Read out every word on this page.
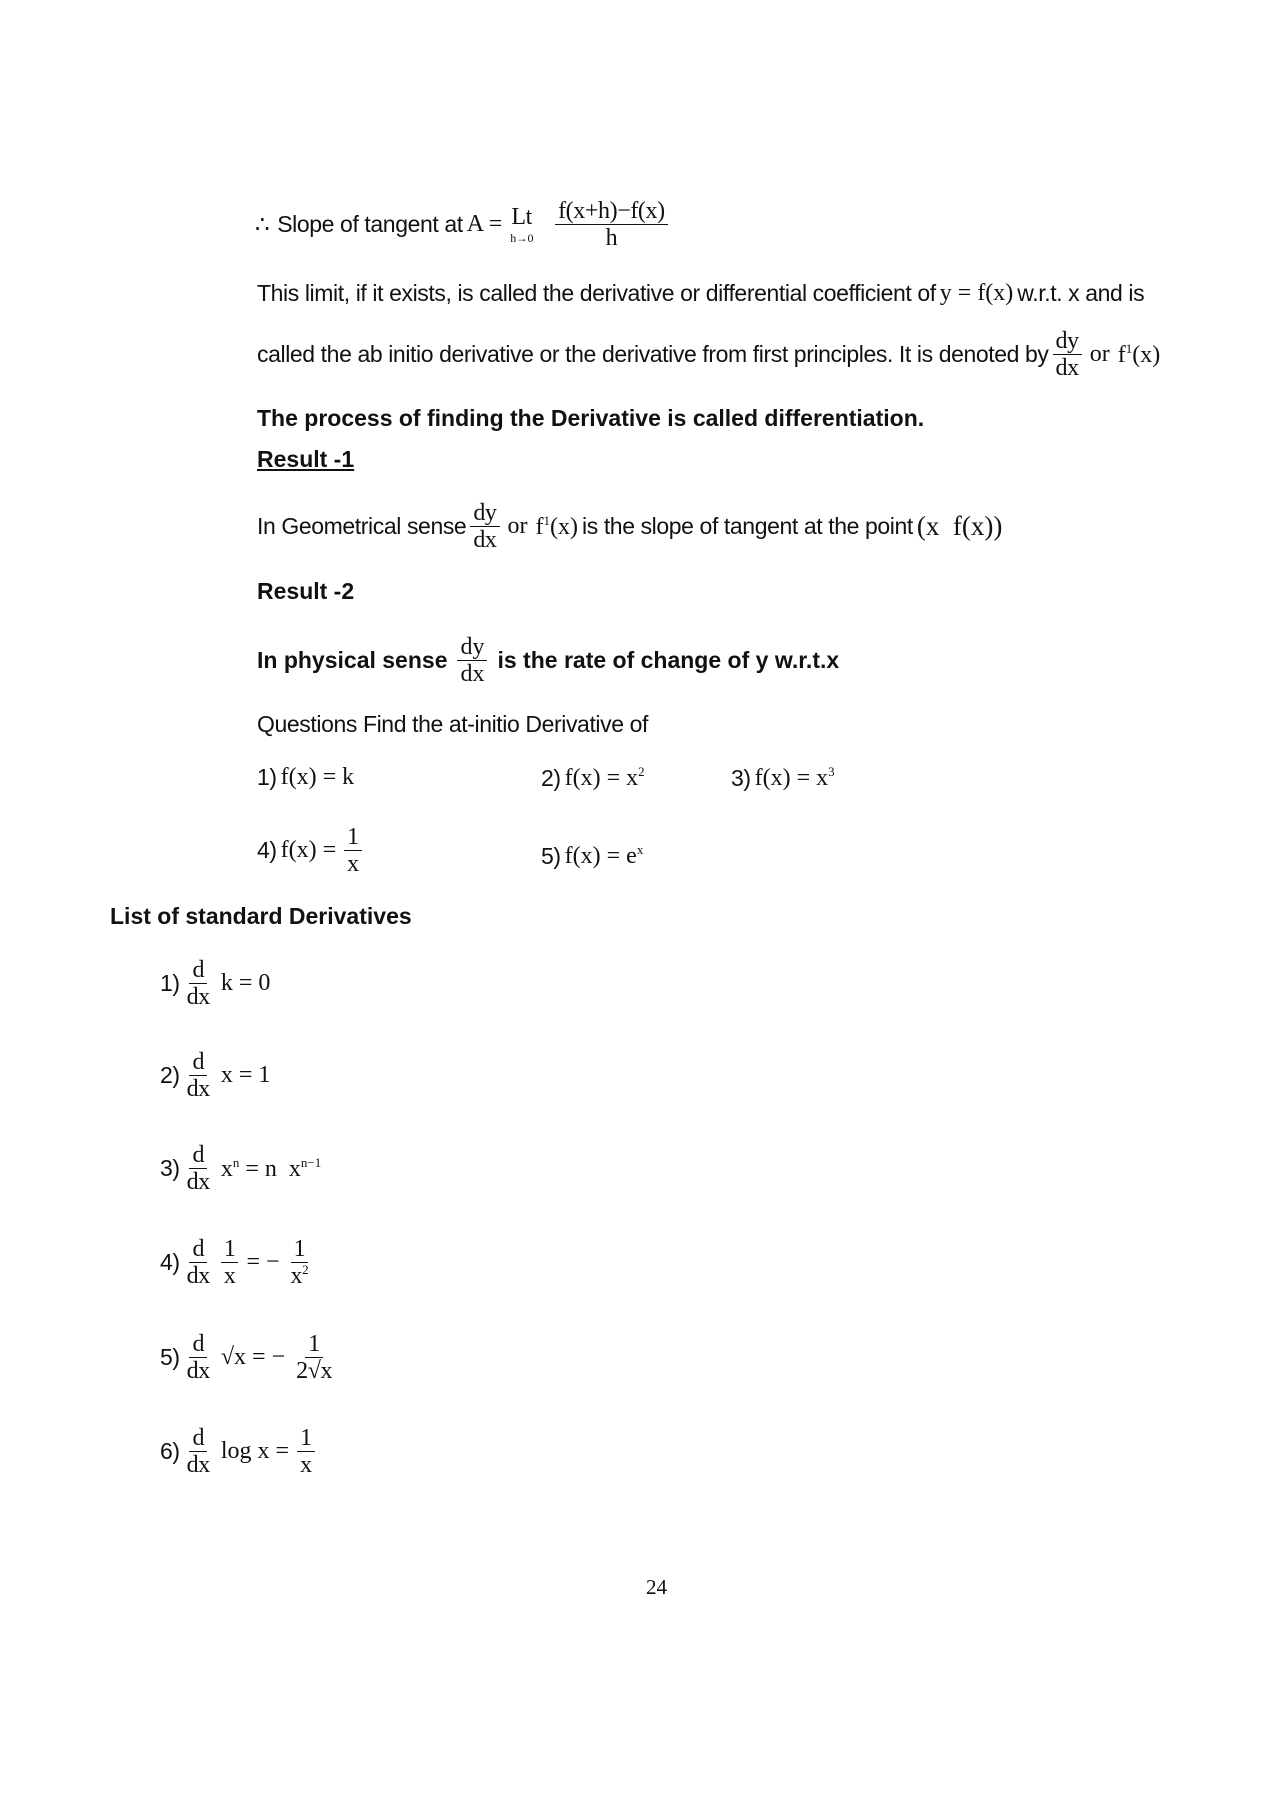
∴ Slope of tangent at A = Lt
$h\to 0 \frac{f(x+h)-f(x)}{h}$
This limit, if it exists, is called the derivative or differential coefficient of y = f(x) w.r.t. x and is
called the ab initio derivative or the derivative from first principles. It is denoted by $\frac{dy}{dx}$ or $f^1(x)$
The process of finding the Derivative is called differentiation.
Result -1
In Geometrical sense $\frac{dy}{dx}$ or $f^1(x)$ is the slope of tangent at the point (x  f(x))
Result -2
In physical sense $\frac{dy}{dx}$ is the rate of change of y w.r.t.x
Questions Find the at-initio Derivative of
1) f(x) = k	2) $f(x) = x^2$	3) $f(x) = x^3$
4) $f(x) = \frac{1}{x}$	5) $f(x) = e^x$
List of standard Derivatives
$1) \frac{d}{dx}$ k = 0
$2) \frac{d}{dx}$ x = 1
$3) \frac{d}{dx} x^n = n$  $x^{n-1}$
$4) \frac{d}{dx} \frac{1}{x}$ = − $\frac{1}{x^2}$
$5) \frac{d}{dx} √x$ = − $\frac{1}{2√x}$
$6) \frac{d}{dx}$ $\log x = \frac{1}{x}$
24
